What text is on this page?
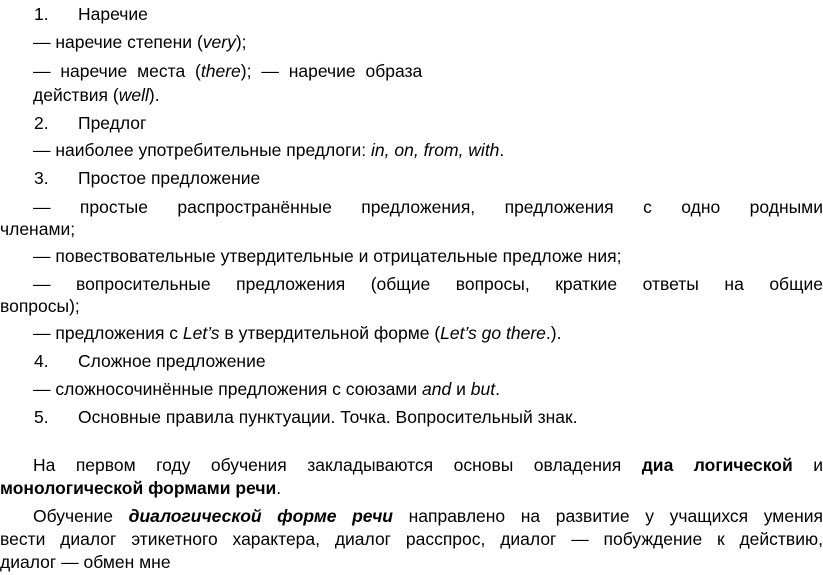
1. Наречие
— наречие степени (very);
— наречие места (there); — наречие образа
действия (well).
2. Предлог
— наиболее употребительные предлоги: in, on, from, with.
3. Простое предложение
— простые распространённые предложения, предложения с одно родными
членами;
— повествовательные утвердительные и отрицательные предложе ния;
— вопросительные предложения (общие вопросы, краткие ответы на общие
вопросы);
— предложения с Let’s в утвердительной форме (Let’s go there.).
4. Сложное предложение
— сложносочинённые предложения с союзами and и but.
5. Основные правила пунктуации. Точка. Вопросительный знак.
На первом году обучения закладываются основы овладения диа логической и
монологической формами речи.
Обучение диалогической форме речи направлено на развитие у учащихся умения
вести диалог этикетного характера, диалог расспрос, диалог — побуждение к действию,
диалог — обмен мне
